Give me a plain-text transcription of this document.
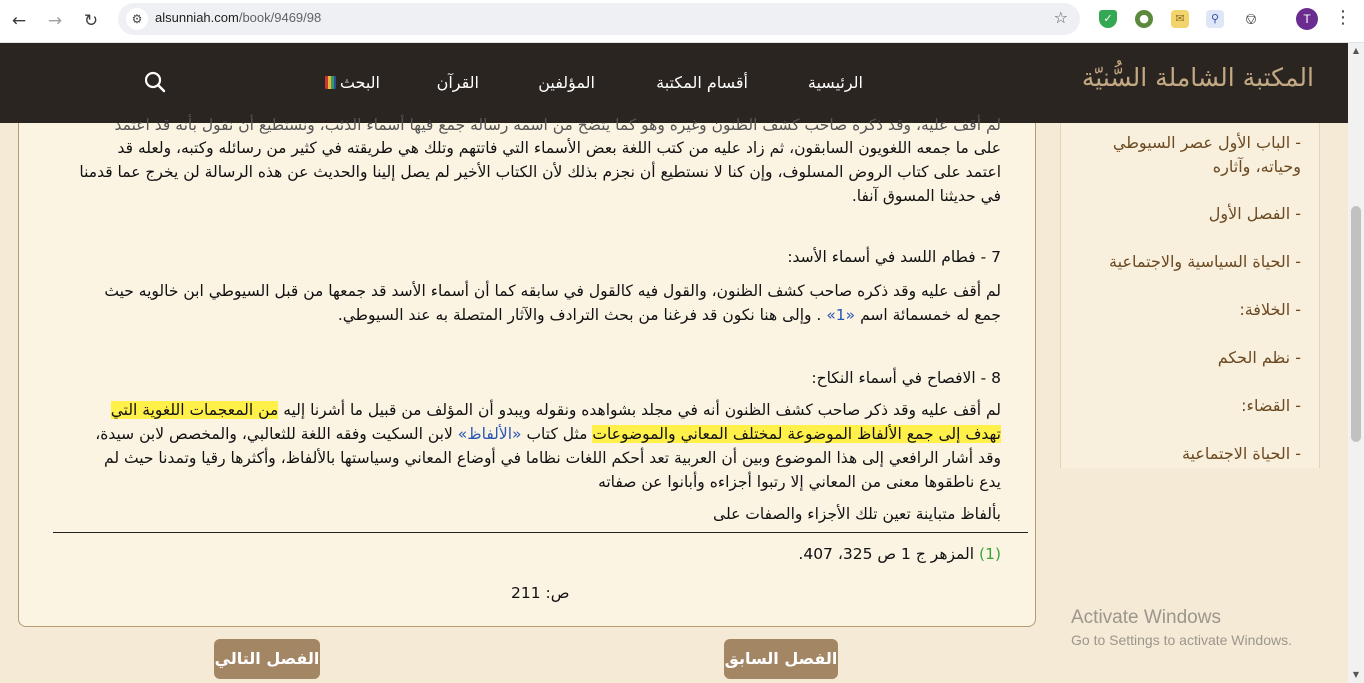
←	→	↻	⚙ alsunniah.com/book/9469/98	☆	✓	●	✉	⚲	⎊	T	⋮
المكتبة الشاملة السُّنيّة
الرئيسية
أقسام المكتبة
المؤلفين
القرآن
البحث
لم أقف عليه، وقد ذكره صاحب كشف الظنون وغيره وهو كما يتضح من اسمه رسالة جمع فيها أسماء الذئب، ونستطيع أن نقول بأنه قد اعتمد
على ما جمعه اللغويون السابقون، ثم زاد عليه من كتب اللغة بعض الأسماء التي فاتتهم وتلك هي طريقته في كثير من رسائله وكتبه، ولعله قد
اعتمد على كتاب الروض المسلوف، وإن كنا لا نستطيع أن نجزم بذلك لأن الكتاب الأخير لم يصل إلينا والحديث عن هذه الرسالة لن يخرج عما قدمنا
في حديثنا المسوق آنفا.
7 - فطام اللسد في أسماء الأسد:
لم أقف عليه وقد ذكره صاحب كشف الظنون، والقول فيه كالقول في سابقه كما أن أسماء الأسد قد جمعها من قبل السيوطي ابن خالويه حيث
جمع له خمسمائة اسم «1» . وإلى هنا نكون قد فرغنا من بحث الترادف والآثار المتصلة به عند السيوطي.
8 - الافصاح في أسماء النكاح:
لم أقف عليه وقد ذكر صاحب كشف الظنون أنه في مجلد بشواهده ونقوله ويبدو أن المؤلف من قبيل ما أشرنا إليه من المعجمات اللغوية التي
تهدف إلى جمع الألفاظ الموضوعة لمختلف المعاني والموضوعات مثل كتاب «الألفاظ» لابن السكيت وفقه اللغة للثعالبي، والمخصص لابن سيدة،
وقد أشار الرافعي إلى هذا الموضوع وبين أن العربية تعد أحكم اللغات نظاما في أوضاع المعاني وسياستها بالألفاظ، وأكثرها رقيا وتمدنا حيث لم
يدع ناطقوها معنى من المعاني إلا رتبوا أجزاءه وأبانوا عن صفاته
بألفاظ متباينة تعين تلك الأجزاء والصفات على
(1) المزهر ج 1 ص 325، 407.
ص: 211
- الباب الأول عصر السيوطي
وحياته، وآثاره
- الفصل الأول
- الحياة السياسية والاجتماعية
- الخلافة:
- نظم الحكم
- القضاء:
- الحياة الاجتماعية
الفصل التالي	الفصل السابق
Activate Windows
Go to Settings to activate Windows.
▲
▼
